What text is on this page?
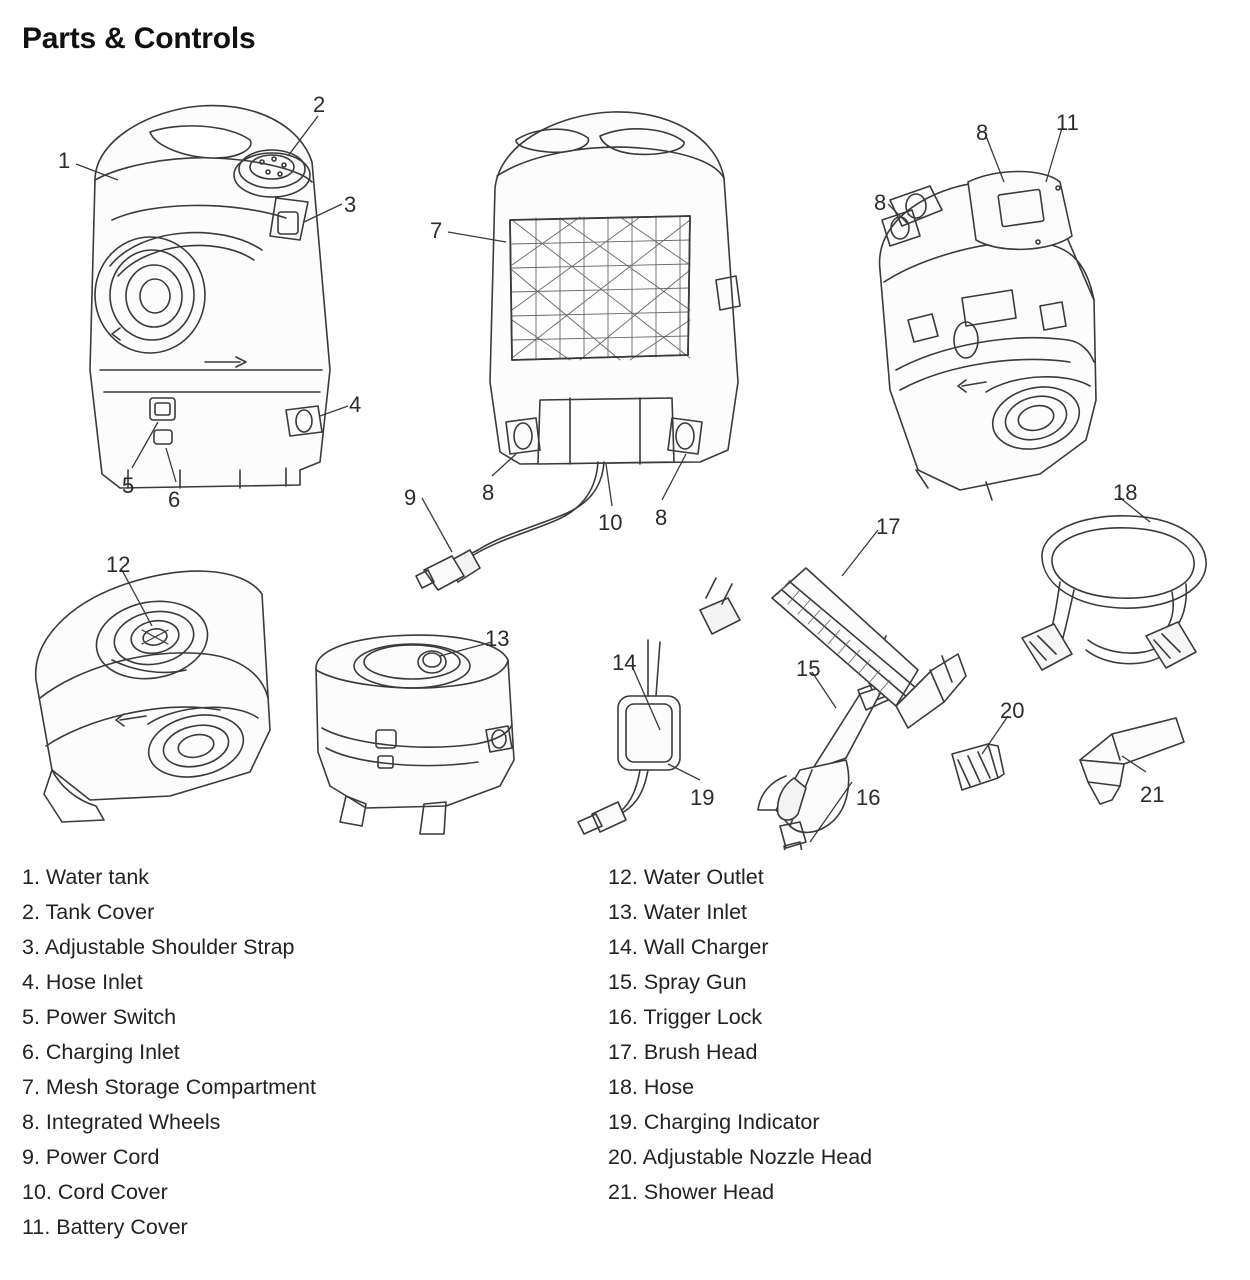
Parts & Controls
1
2
3
4
5
6
7
8
8
8
8
9
10
11
12
13
14	15
16
17
18
19
20
21
1. Water tank
2. Tank Cover
3. Adjustable Shoulder Strap
4. Hose Inlet
5. Power Switch
6. Charging Inlet
7. Mesh Storage Compartment
8. Integrated Wheels
9. Power Cord
10. Cord Cover
11. Battery Cover
12. Water Outlet
13. Water Inlet
14. Wall Charger
15. Spray Gun
16. Trigger Lock
17. Brush Head
18. Hose
19. Charging Indicator
20. Adjustable Nozzle Head
21. Shower Head
